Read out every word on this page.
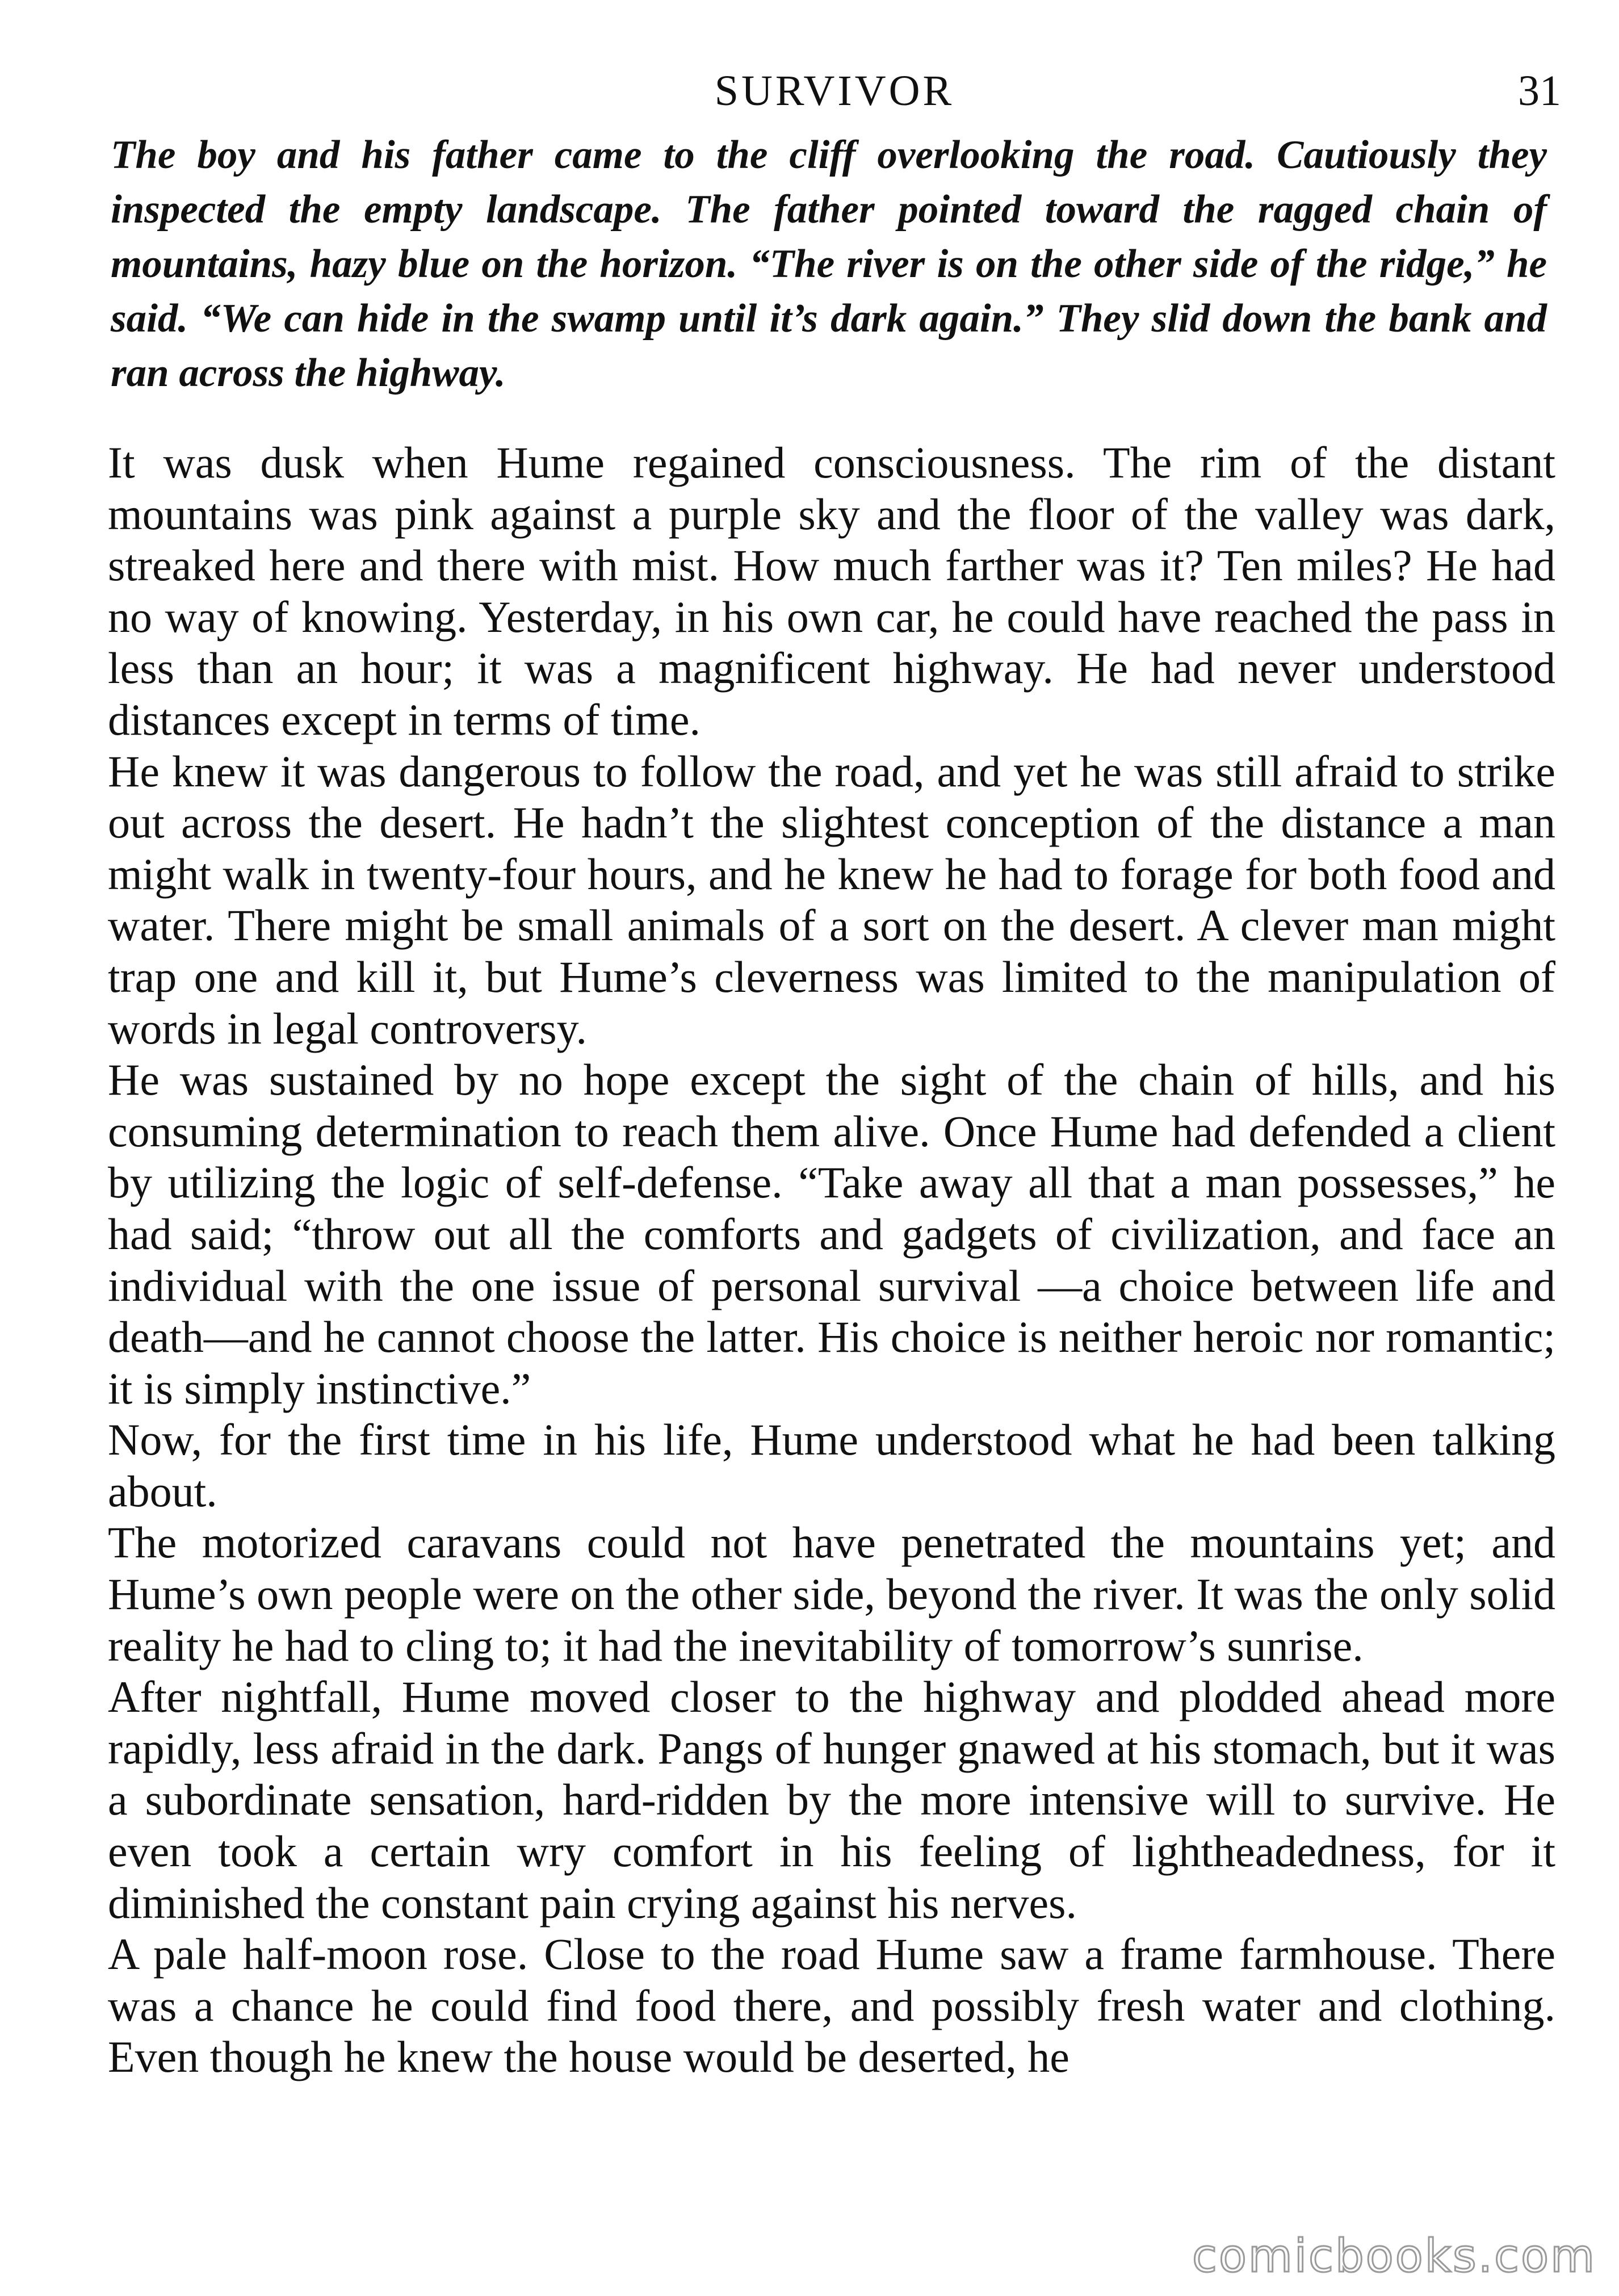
SURVIVOR	31

The boy and his father came to the cliff overlooking the road. Cautiously they inspected the empty landscape. The father pointed toward the ragged chain of mountains, hazy blue on the horizon. “The river is on the other side of the ridge,” he said. “We can hide in the swamp until it’s dark again.” They slid down the bank and ran across the highway.

It was dusk when Hume regained consciousness. The rim of the distant mountains was pink against a purple sky and the floor of the valley was dark, streaked here and there with mist. How much farther was it? Ten miles? He had no way of knowing. Yesterday, in his own car, he could have reached the pass in less than an hour; it was a magnificent highway. He had never understood distances except in terms of time.

He knew it was dangerous to follow the road, and yet he was still afraid to strike out across the desert. He hadn’t the slightest conception of the distance a man might walk in twenty-four hours, and he knew he had to forage for both food and water. There might be small animals of a sort on the desert. A clever man might trap one and kill it, but Hume’s cleverness was limited to the manipulation of words in legal controversy.

He was sustained by no hope except the sight of the chain of hills, and his consuming determination to reach them alive. Once Hume had defended a client by utilizing the logic of self-defense. “Take away all that a man possesses,” he had said; “throw out all the comforts and gadgets of civilization, and face an individual with the one issue of personal survival —a choice between life and death—and he cannot choose the latter. His choice is neither heroic nor romantic; it is simply instinctive.”

Now, for the first time in his life, Hume understood what he had been talking about.

The motorized caravans could not have penetrated the mountains yet; and Hume’s own people were on the other side, beyond the river. It was the only solid reality he had to cling to; it had the inevitability of tomorrow’s sunrise.

After nightfall, Hume moved closer to the highway and plodded ahead more rapidly, less afraid in the dark. Pangs of hunger gnawed at his stomach, but it was a subordinate sensation, hard-ridden by the more intensive will to survive. He even took a certain wry comfort in his feeling of lightheadedness, for it diminished the constant pain crying against his nerves.

A pale half-moon rose. Close to the road Hume saw a frame farmhouse. There was a chance he could find food there, and possibly fresh water and clothing. Even though he knew the house would be deserted, he

comicbooks.com
